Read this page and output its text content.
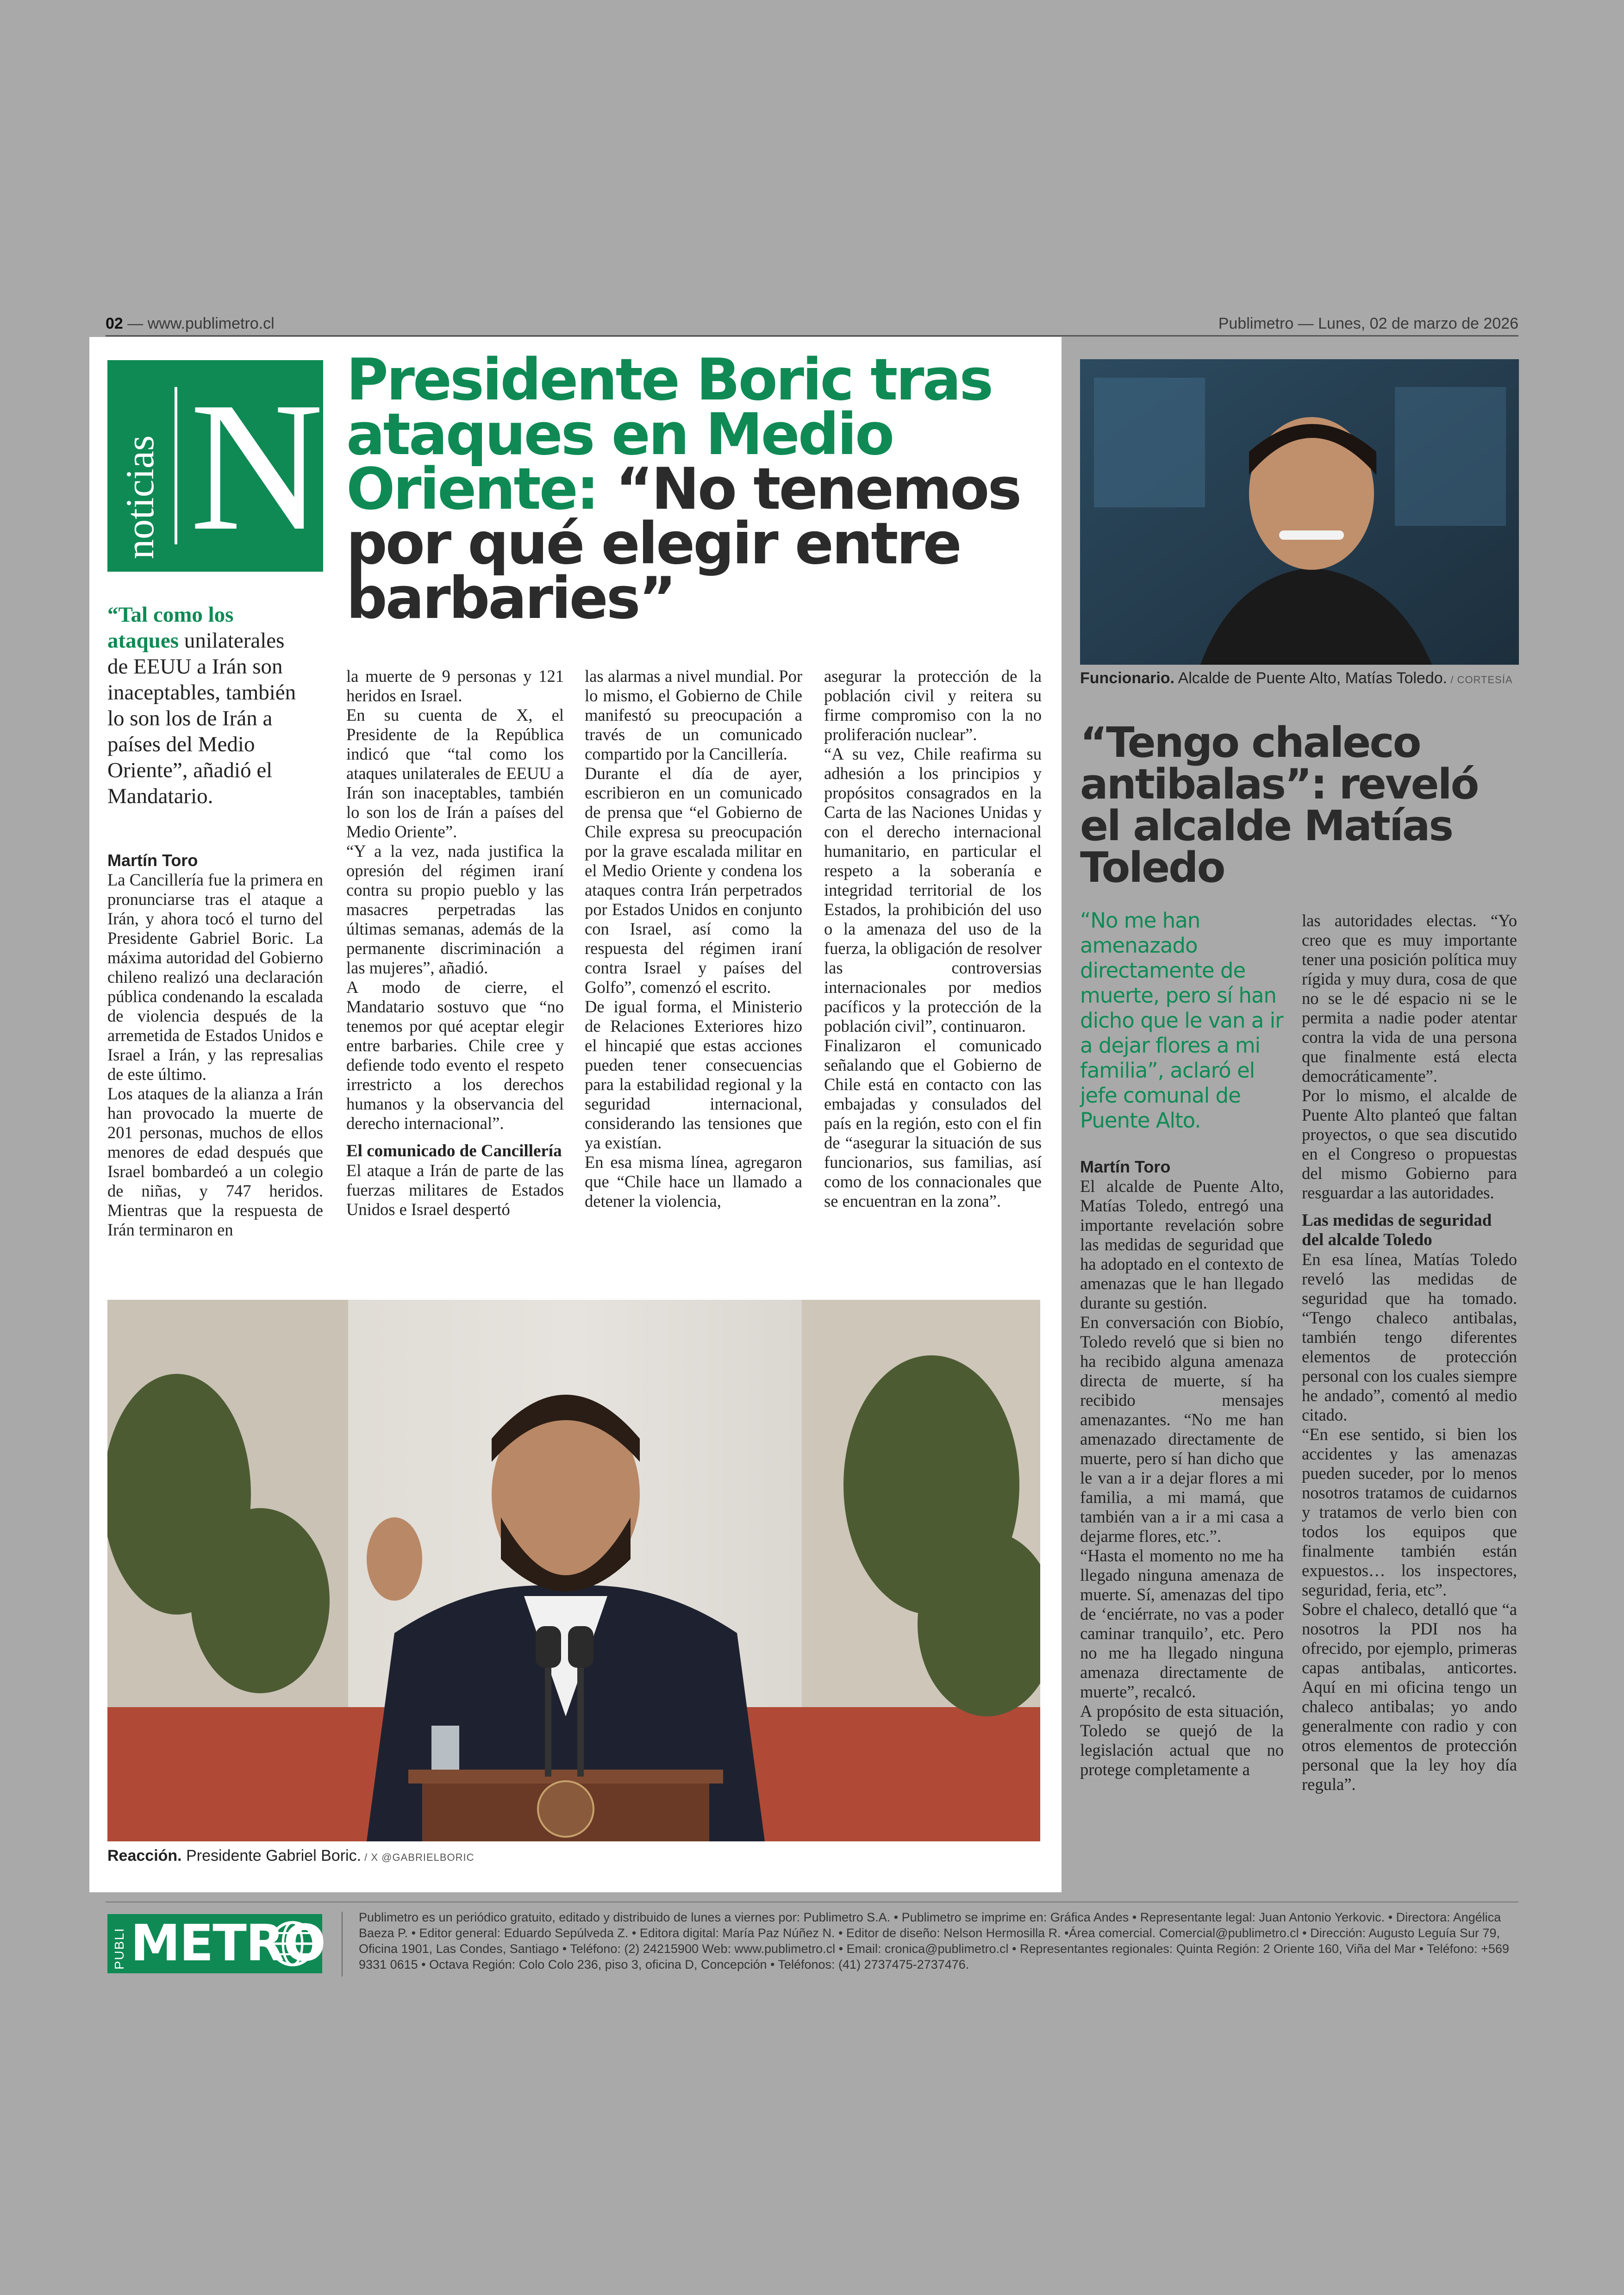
02 — www.publimetro.cl	Publimetro — Lunes, 02 de marzo de 2026
noticias N Presidente Boric tras ataques en Medio Oriente: “No tenemos por qué elegir entre barbaries”
“Tal como los ataques unilaterales de EEUU a Irán son inaceptables, también lo son los de Irán a países del Medio Oriente”, añadió el Mandatario.
Martín Toro

La Cancillería fue la primera en pronunciarse tras el ataque a Irán, y ahora tocó el turno del Presidente Gabriel Boric. La máxima autoridad del Gobierno chileno realizó una declaración pública condenando la escalada de violencia después de la arremetida de Estados Unidos e Israel a Irán, y las represalias de este último.

Los ataques de la alianza a Irán han provocado la muerte de 201 personas, muchos de ellos menores de edad después que Israel bombardeó a un colegio de niñas, y 747 heridos. Mientras que la respuesta de Irán terminaron en

la muerte de 9 personas y 121 heridos en Israel.

En su cuenta de X, el Presidente de la República indicó que “tal como los ataques unilaterales de EEUU a Irán son inaceptables, también lo son los de Irán a países del Medio Oriente”.

“Y a la vez, nada justifica la opresión del régimen iraní contra su propio pueblo y las masacres perpetradas las últimas semanas, además de la permanente discriminación a las mujeres”, añadió.

A modo de cierre, el Mandatario sostuvo que “no tenemos por qué aceptar elegir entre barbaries. Chile cree y defiende todo evento el respeto irrestricto a los derechos humanos y la observancia del derecho internacional”.

El comunicado de Cancillería

El ataque a Irán de parte de las fuerzas militares de Estados Unidos e Israel despertó

las alarmas a nivel mundial. Por lo mismo, el Gobierno de Chile manifestó su preocupación a través de un comunicado compartido por la Cancillería.

Durante el día de ayer, escribieron en un comunicado de prensa que “el Gobierno de Chile expresa su preocupación por la grave escalada militar en el Medio Oriente y condena los ataques contra Irán perpetrados por Estados Unidos en conjunto con Israel, así como la respuesta del régimen iraní contra Israel y países del Golfo”, comenzó el escrito.

De igual forma, el Ministerio de Relaciones Exteriores hizo el hincapié que estas acciones pueden tener consecuencias para la estabilidad regional y la seguridad internacional, considerando las tensiones que ya existían.

En esa misma línea, agregaron que “Chile hace un llamado a detener la violencia,

asegurar la protección de la población civil y reitera su firme compromiso con la no proliferación nuclear”.

“A su vez, Chile reafirma su adhesión a los principios y propósitos consagrados en la Carta de las Naciones Unidas y con el derecho internacional humanitario, en particular el respeto a la soberanía e integridad territorial de los Estados, la prohibición del uso o la amenaza del uso de la fuerza, la obligación de resolver las controversias internacionales por medios pacíficos y la protección de la población civil”, continuaron.

Finalizaron el comunicado señalando que el Gobierno de Chile está en contacto con las embajadas y consulados del país en la región, esto con el fin de “asegurar la situación de sus funcionarios, sus familias, así como de los connacionales que se encuentran en la zona”.

Reacción. Presidente Gabriel Boric. / X @GABRIELBORIC
Funcionario. Alcalde de Puente Alto, Matías Toledo. / CORTESÍA
“Tengo chaleco antibalas”: reveló el alcalde Matías Toledo
“No me han amenazado directamente de muerte, pero sí han dicho que le van a ir a dejar flores a mi familia”, aclaró el jefe comunal de Puente Alto.
Martín Toro

El alcalde de Puente Alto, Matías Toledo, entregó una importante revelación sobre las medidas de seguridad que ha adoptado en el contexto de amenazas que le han llegado durante su gestión.

En conversación con Biobío, Toledo reveló que si bien no ha recibido alguna amenaza directa de muerte, sí ha recibido mensajes amenazantes. “No me han amenazado directamente de muerte, pero sí han dicho que le van a ir a dejar flores a mi familia, a mi mamá, que también van a ir a mi casa a dejarme flores, etc.”.

“Hasta el momento no me ha llegado ninguna amenaza de muerte. Sí, amenazas del tipo de ‘enciérrate, no vas a poder caminar tranquilo’, etc. Pero no me ha llegado ninguna amenaza directamente de muerte”, recalcó.

A propósito de esta situación, Toledo se quejó de la legislación actual que no protege completamente a

las autoridades electas. “Yo creo que es muy importante tener una posición política muy rígida y muy dura, cosa de que no se le dé espacio ni se le permita a nadie poder atentar contra la vida de una persona que finalmente está electa democráticamente”.

Por lo mismo, el alcalde de Puente Alto planteó que faltan proyectos, o que sea discutido en el Congreso o propuestas del mismo Gobierno para resguardar a las autoridades.

Las medidas de seguridad del alcalde Toledo

En esa línea, Matías Toledo reveló las medidas de seguridad que ha tomado. “Tengo chaleco antibalas, también tengo diferentes elementos de protección personal con los cuales siempre he andado”, comentó al medio citado.

“En ese sentido, si bien los accidentes y las amenazas pueden suceder, por lo menos nosotros tratamos de cuidarnos y tratamos de verlo bien con todos los equipos que finalmente también están expuestos… los inspectores, seguridad, feria, etc”.

Sobre el chaleco, detalló que “a nosotros la PDI nos ha ofrecido, por ejemplo, primeras capas antibalas, anticortes. Aquí en mi oficina tengo un chaleco antibalas; yo ando generalmente con radio y con otros elementos de protección personal que la ley hoy día regula”.

PUBLI METRO	Publimetro es un periódico gratuito, editado y distribuido de lunes a viernes por: Publimetro S.A. • Publimetro se imprime en: Gráfica Andes • Representante legal: Juan Antonio Yerkovic. • Directora: Angélica Baeza P. • Editor general: Eduardo Sepúlveda Z. • Editora digital: María Paz Núñez N. • Editor de diseño: Nelson Hermosilla R. •Área comercial. Comercial@publimetro.cl • Dirección: Augusto Leguía Sur 79, Oficina 1901, Las Condes, Santiago • Teléfono: (2) 24215900 Web: www.publimetro.cl • Email: cronica@publimetro.cl • Representantes regionales: Quinta Región: 2 Oriente 160, Viña del Mar • Teléfono: +569 9331 0615 • Octava Región: Colo Colo 236, piso 3, oficina D, Concepción • Teléfonos: (41) 2737475-2737476.
